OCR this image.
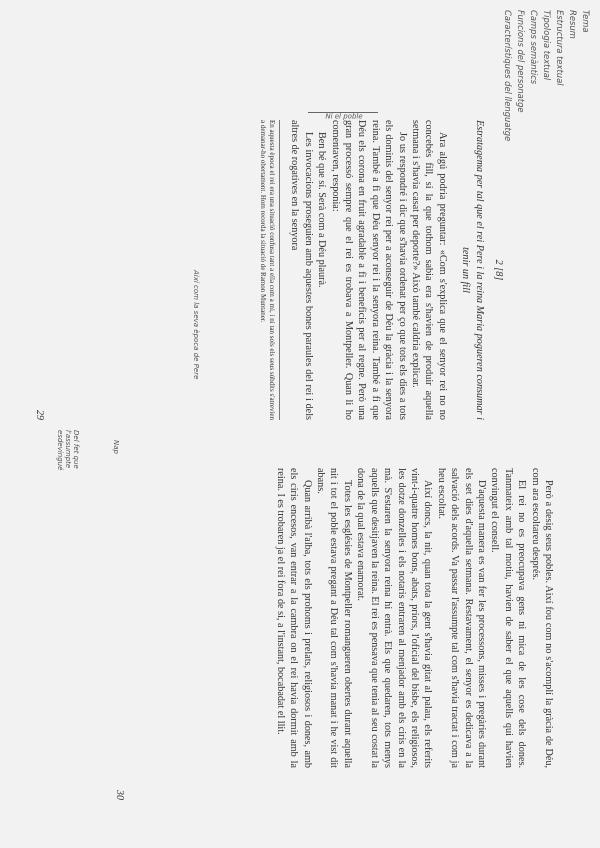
Tema
Resum
Estructura textual
Tipologia textual
Camps semàntics
Funcions del personatge
Característiques del llenguatge
2 [8]
Estratagema per tal que el rei Pere i la reina Maria pogueren consumar i tenir un fill

Ara algú podria preguntar: «Com s'explica que el senyor rei no no concebés fill, si la que tothom sabia era s'havien de produir aquella setmana i s'havia casat per deporte?» Això també caldria explicar.

Jo us respondré i dic que s'havia ordenat per ço que tots els dies a tots els dominis del senyor rei per a aconseguir de Déu la gràcia i la senyora reina. També a fi que Déu senyor rei i la senyora reina. També a fi que Déu els corona en fruit agradable a fi i beneficis per al regne. Però una gran processó sempre que el rei es trobava a Montpeller. Quan li ho comentaven, responia:

Ben bé que sí. Serà com a Déu plaurà.

Les invocacions proseguien amb aquestes bones paraules del rei i dels altres de rogatives en la senyora

En aquesta època el rei era una situació confusa tant a ella com a mi, i ni tan sols els seus súbdits s'atrevien a demanar-ho obertament. Hom recorda la situació de Ramon Muntaner.
Ni el poble
Així com la seva època de Pere
29

Però a desig seus pobles. Així fou com no s'acomplí la gràcia de Déu, com ara escoltareu després.

El rei no es preocupava gens ni mica de les cose dels dones. Tanmateix amb tal motiu, havien de saber el que aquells qui havien convingut el consell.

D'aquesta manera es van fer les processons, misses i pregàries durant els set dies d'aquella setmana. Restavament, el senyor es dedicava a la salvació dels acords. Va passar l'assumpte tal com s'havia tractat i com ja heu escoltat.

Així doncs, la nit, quan tota la gent s'havia gitat al palau, els referits vint-i-quatre homes bons, abats, priors, l'oficial del bisbe, els religiosos, les dotze donzelles i els notaris entraren al menjador amb els ciris en la mà. S'estaren la senyora reina hi entrà. Els que quedaren, tots menys aquells que desitjaven la reina. El rei es pensava que tenia al seu costat la dona de la qual estava enamorat.

Totes les esglésies de Montpeller romangueren obertes durant aquella nit i tot el poble estava pregant a Déu tal com s'havia manat i he vist dit abans.

Quan arribà l'alba, tots els prohoms i prelats, religiosos i dones, amb els ciris encesos, van entrar a la cambra on el rei havia dormit amb la reina. I es trobaren ja el rei fora de si, a l'instant, bocabadat el llit.

Nap
Del fet que l'assumpte esdevingué
30
